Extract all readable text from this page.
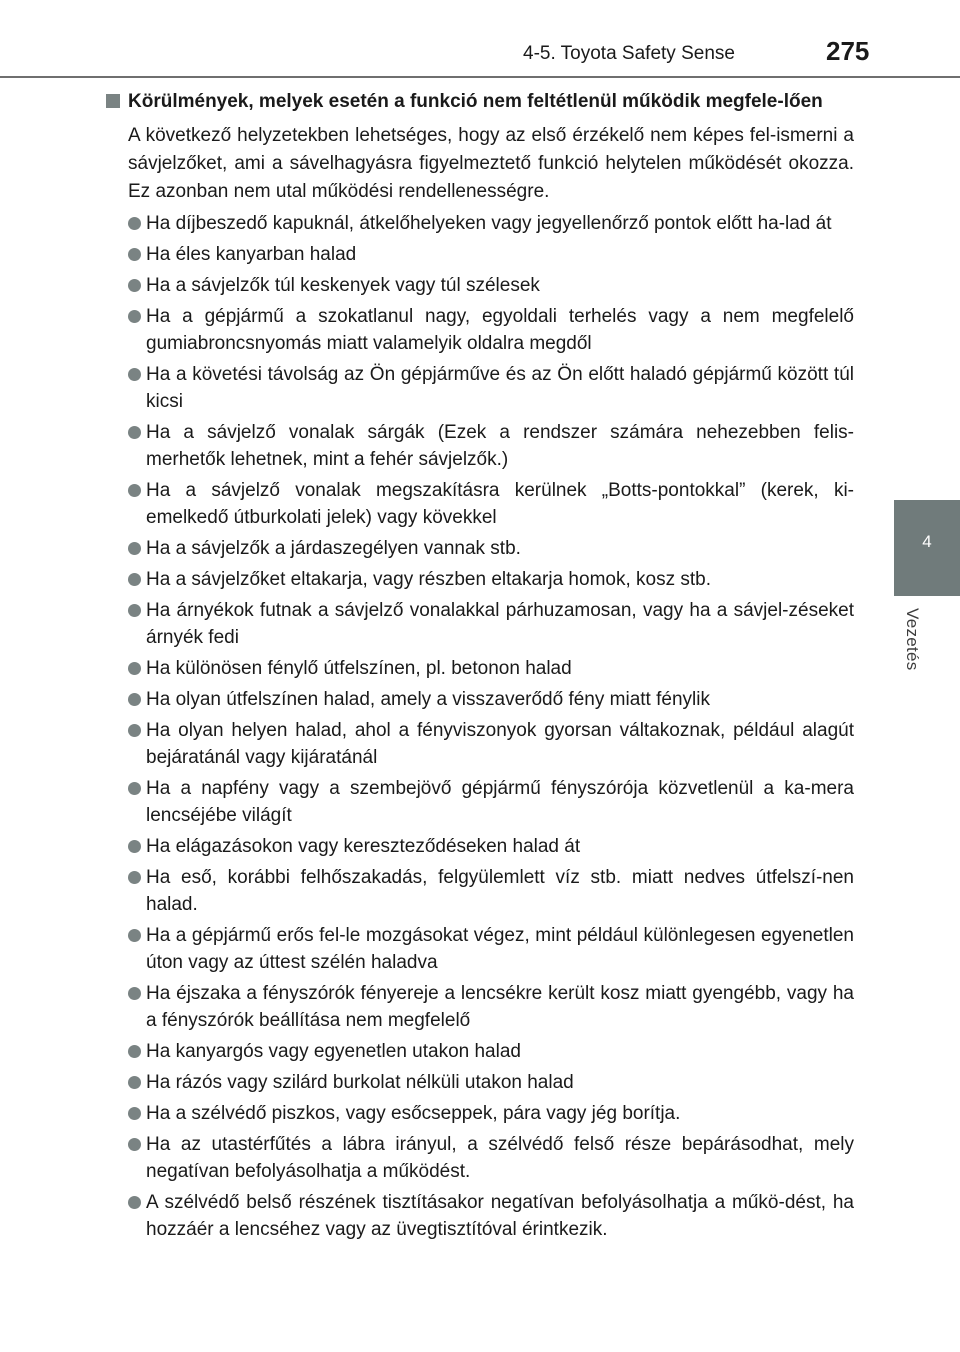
4-5. Toyota Safety Sense	275
4
Vezetés
Körülmények, melyek esetén a funkció nem feltétlenül működik megfele-lően

A következő helyzetekben lehetséges, hogy az első érzékelő nem képes fel-ismerni a sávjelzőket, ami a sávelhagyásra figyelmeztető funkció helytelen működését okozza. Ez azonban nem utal működési rendellenességre.

Ha díjbeszedő kapuknál, átkelőhelyeken vagy jegyellenőrző pontok előtt ha-lad át
Ha éles kanyarban halad
Ha a sávjelzők túl keskenyek vagy túl szélesek
Ha a gépjármű a szokatlanul nagy, egyoldali terhelés vagy a nem megfelelő gumiabroncsnyomás miatt valamelyik oldalra megdől
Ha a követési távolság az Ön gépjárműve és az Ön előtt haladó gépjármű között túl kicsi
Ha a sávjelző vonalak sárgák (Ezek a rendszer számára nehezebben felis-merhetők lehetnek, mint a fehér sávjelzők.)
Ha a sávjelző vonalak megszakításra kerülnek „Botts-pontokkal” (kerek, ki-emelkedő útburkolati jelek) vagy kövekkel
Ha a sávjelzők a járdaszegélyen vannak stb.
Ha a sávjelzőket eltakarja, vagy részben eltakarja homok, kosz stb.
Ha árnyékok futnak a sávjelző vonalakkal párhuzamosan, vagy ha a sávjel-zéseket árnyék fedi
Ha különösen fénylő útfelszínen, pl. betonon halad
Ha olyan útfelszínen halad, amely a visszaverődő fény miatt fénylik
Ha olyan helyen halad, ahol a fényviszonyok gyorsan váltakoznak, például alagút bejáratánál vagy kijáratánál
Ha a napfény vagy a szembejövő gépjármű fényszórója közvetlenül a ka-mera lencséjébe világít
Ha elágazásokon vagy kereszteződéseken halad át
Ha eső, korábbi felhőszakadás, felgyülemlett víz stb. miatt nedves útfelszí-nen halad.
Ha a gépjármű erős fel-le mozgásokat végez, mint például különlegesen egyenetlen úton vagy az úttest szélén haladva
Ha éjszaka a fényszórók fényereje a lencsékre került kosz miatt gyengébb, vagy ha a fényszórók beállítása nem megfelelő
Ha kanyargós vagy egyenetlen utakon halad
Ha rázós vagy szilárd burkolat nélküli utakon halad
Ha a szélvédő piszkos, vagy esőcseppek, pára vagy jég borítja.
Ha az utastérfűtés a lábra irányul, a szélvédő felső része bepárásodhat, mely negatívan befolyásolhatja a működést.
A szélvédő belső részének tisztításakor negatívan befolyásolhatja a műkö-dést, ha hozzáér a lencséhez vagy az üvegtisztítóval érintkezik.
